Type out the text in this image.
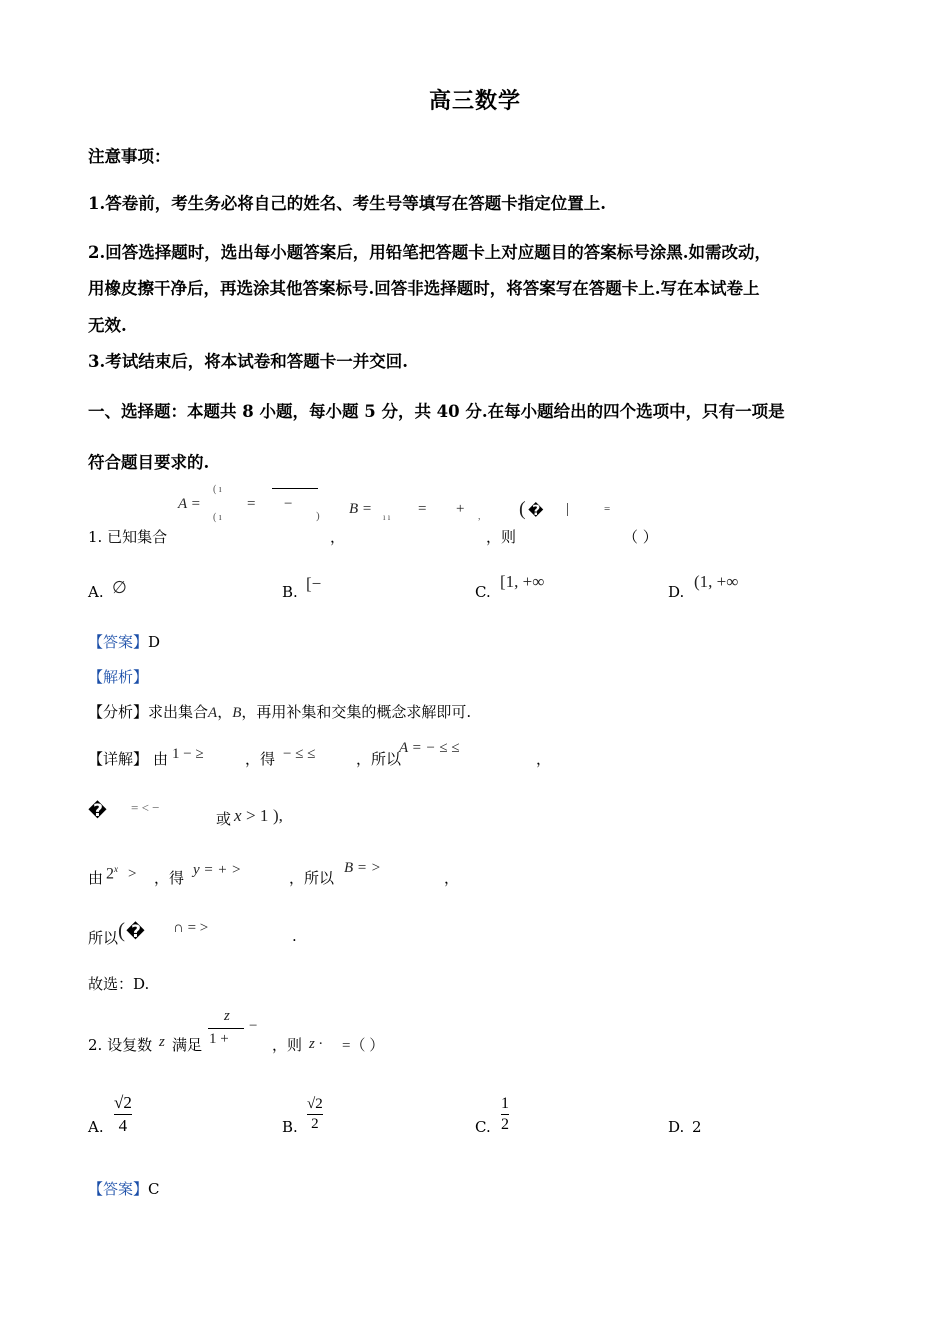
高三数学
注意事项：
1.答卷前，考生务必将自己的姓名、考生号等填写在答题卡指定位置上.
2.回答选择题时，选出每小题答案后，用铅笔把答题卡上对应题目的答案标号涂黑.如需改动，
用橡皮擦干净后，再选涂其他答案标号.回答非选择题时，将答案写在答题卡上.写在本试卷上
无效.
3.考试结束后，将本试卷和答题卡一并交回.
一、选择题：本题共 8 小题，每小题 5 分，共 40 分.在每小题给出的四个选项中，只有一项是
符合题目要求的.
A =
( ı
( ı
= −
) B = ı ı = + , ( � |	=
1. 已知集合	，	，则	（ ）
A. ∅	B. [−	C.
[1, +∞
D.
(1, +∞
【答案】D
【解析】
【分析】求出集合A，B，再用补集和交集的概念求解即可.
【详解】 由 1 − ≥	，得 − ≤ ≤	，所以
A = − ≤ ≤
，
� = < −
或 x > 1 ),
由 $2^x$ > ，得 y = + >	，所以
B = >
，
所以 ( � ∩ = >	.
故选：D.
2. 设复数 z 满足
z
1 +
−
，则 z · =（ ）
A. $\frac{√2}{4}$	B. $\frac{√2}{2}$	C. $\frac{1}{2}$	D. 2
【答案】C
